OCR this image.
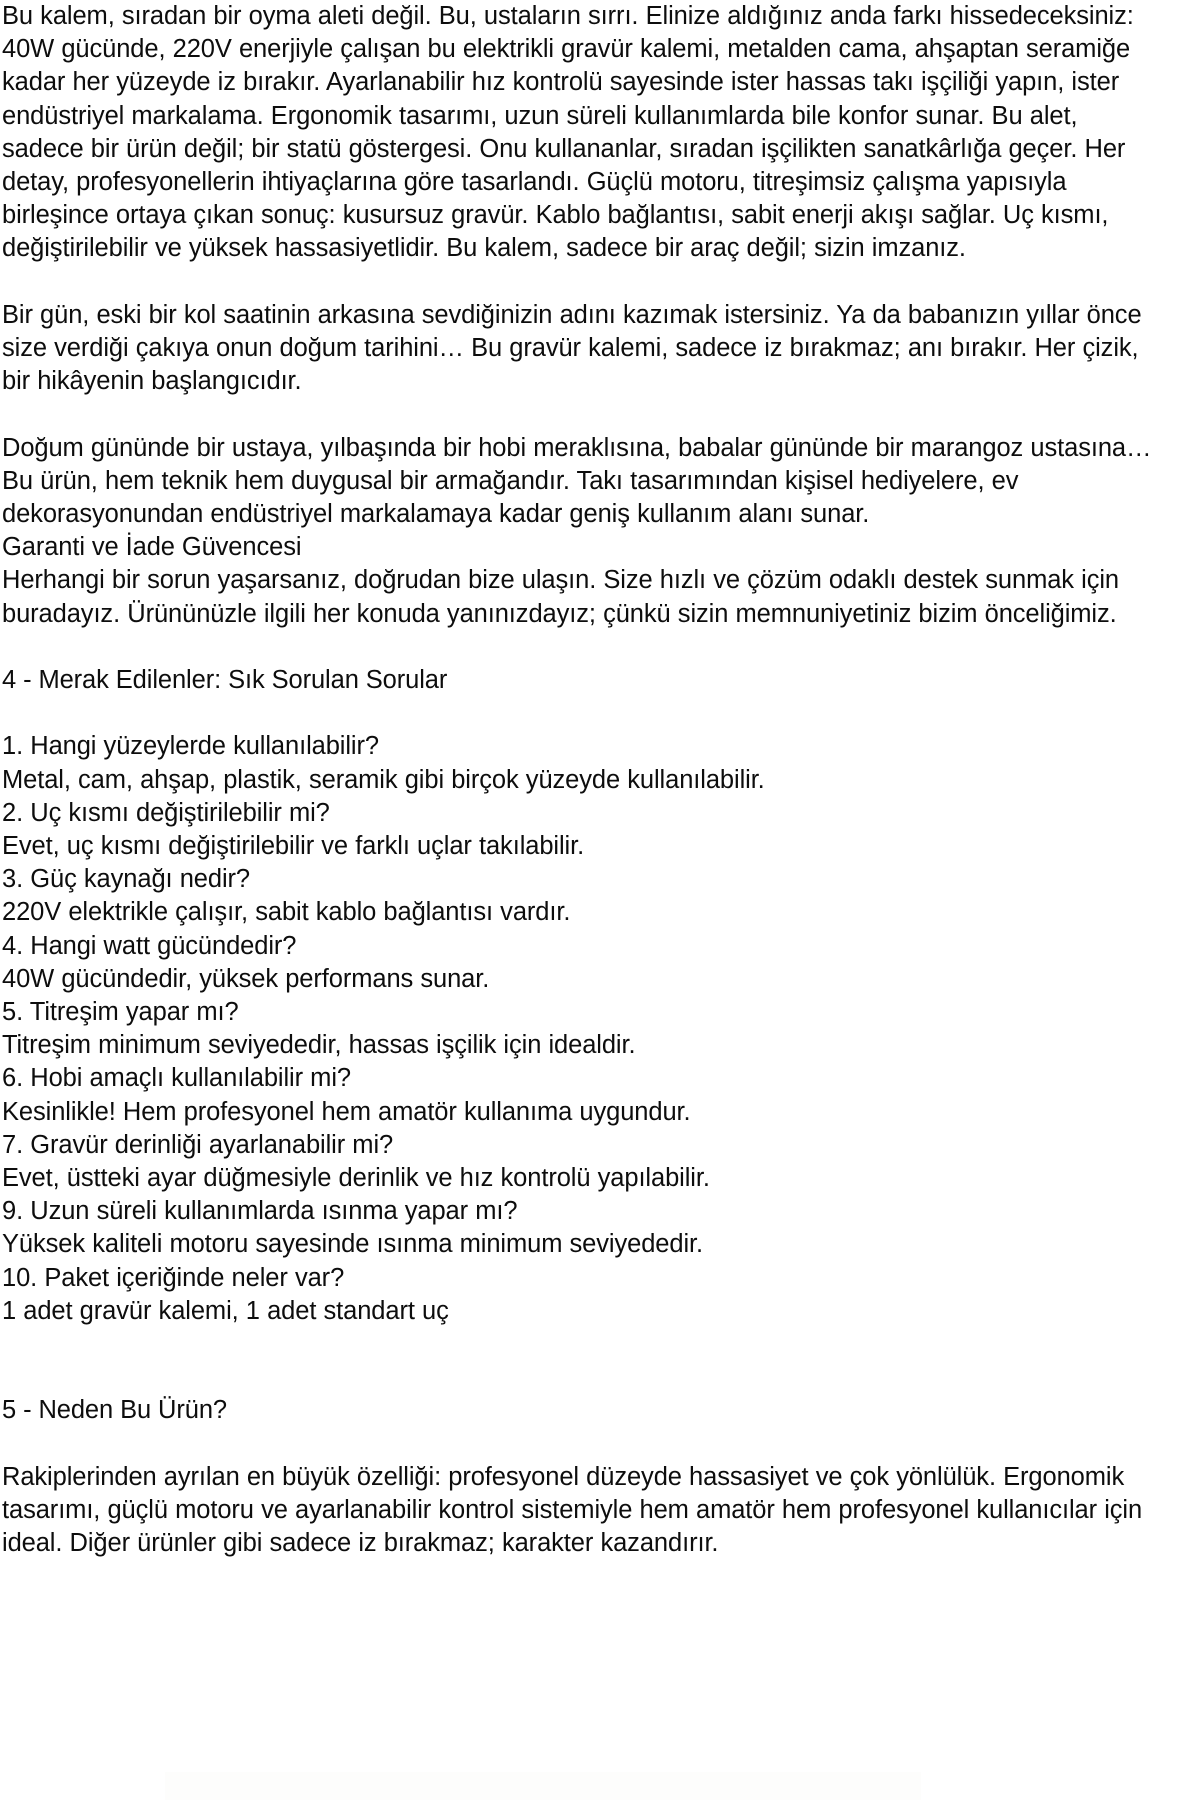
Bu kalem, sıradan bir oyma aleti değil. Bu, ustaların sırrı. Elinize aldığınız anda farkı hissedeceksiniz: 40W gücünde, 220V enerjiyle çalışan bu elektrikli gravür kalemi, metalden cama, ahşaptan seramiğe kadar her yüzeyde iz bırakır. Ayarlanabilir hız kontrolü sayesinde ister hassas takı işçiliği yapın, ister endüstriyel markalama. Ergonomik tasarımı, uzun süreli kullanımlarda bile konfor sunar. Bu alet, sadece bir ürün değil; bir statü göstergesi. Onu kullananlar, sıradan işçilikten sanatkârlığa geçer. Her detay, profesyonellerin ihtiyaçlarına göre tasarlandı. Güçlü motoru, titreşimsiz çalışma yapısıyla birleşince ortaya çıkan sonuç: kusursuz gravür. Kablo bağlantısı, sabit enerji akışı sağlar. Uç kısmı, değiştirilebilir ve yüksek hassasiyetlidir. Bu kalem, sadece bir araç değil; sizin imzanız.

Bir gün, eski bir kol saatinin arkasına sevdiğinizin adını kazımak istersiniz. Ya da babanızın yıllar önce size verdiği çakıya onun doğum tarihini… Bu gravür kalemi, sadece iz bırakmaz; anı bırakır. Her çizik, bir hikâyenin başlangıcıdır.

Doğum gününde bir ustaya, yılbaşında bir hobi meraklısına, babalar gününde bir marangoz ustasına… Bu ürün, hem teknik hem duygusal bir armağandır. Takı tasarımından kişisel hediyelere, ev dekorasyonundan endüstriyel markalamaya kadar geniş kullanım alanı sunar.

Garanti ve İade Güvencesi

Herhangi bir sorun yaşarsanız, doğrudan bize ulaşın. Size hızlı ve çözüm odaklı destek sunmak için buradayız. Ürününüzle ilgili her konuda yanınızdayız; çünkü sizin memnuniyetiniz bizim önceliğimiz.

4 - Merak Edilenler: Sık Sorulan Sorular

1. Hangi yüzeylerde kullanılabilir?

Metal, cam, ahşap, plastik, seramik gibi birçok yüzeyde kullanılabilir.

2. Uç kısmı değiştirilebilir mi?

Evet, uç kısmı değiştirilebilir ve farklı uçlar takılabilir.

3. Güç kaynağı nedir?

220V elektrikle çalışır, sabit kablo bağlantısı vardır.

4. Hangi watt gücündedir?

40W gücündedir, yüksek performans sunar.

5. Titreşim yapar mı?

Titreşim minimum seviyededir, hassas işçilik için idealdir.

6. Hobi amaçlı kullanılabilir mi?

Kesinlikle! Hem profesyonel hem amatör kullanıma uygundur.

7. Gravür derinliği ayarlanabilir mi?

Evet, üstteki ayar düğmesiyle derinlik ve hız kontrolü yapılabilir.

9. Uzun süreli kullanımlarda ısınma yapar mı?

Yüksek kaliteli motoru sayesinde ısınma minimum seviyededir.

10. Paket içeriğinde neler var?

1 adet gravür kalemi, 1 adet standart uç

5 - Neden Bu Ürün?

Rakiplerinden ayrılan en büyük özelliği: profesyonel düzeyde hassasiyet ve çok yönlülük. Ergonomik tasarımı, güçlü motoru ve ayarlanabilir kontrol sistemiyle hem amatör hem profesyonel kullanıcılar için ideal. Diğer ürünler gibi sadece iz bırakmaz; karakter kazandırır.
